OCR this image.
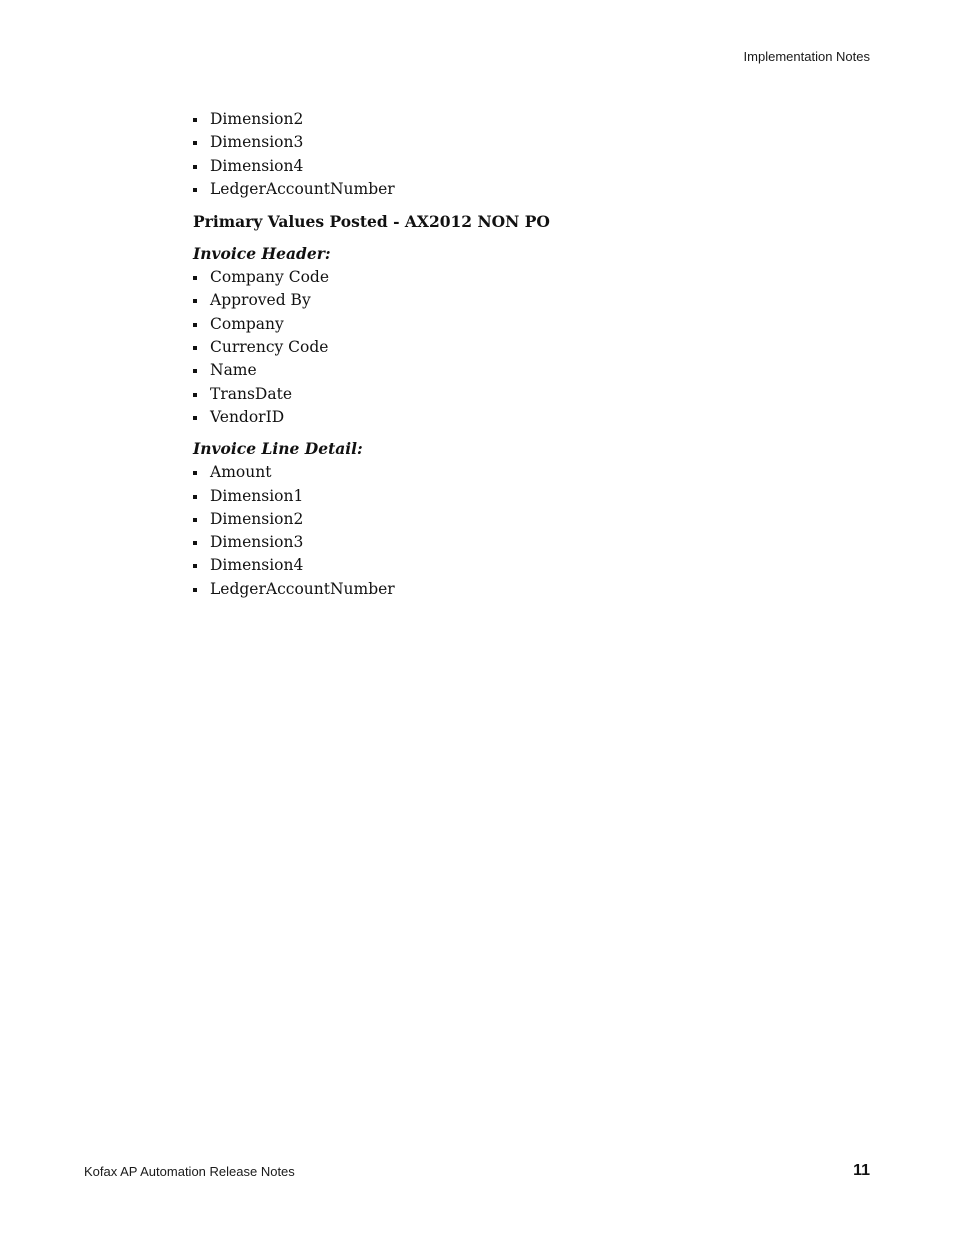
Implementation Notes
Dimension2
Dimension3
Dimension4
LedgerAccountNumber
Primary Values Posted - AX2012 NON PO
Invoice Header:
Company Code
Approved By
Company
Currency Code
Name
TransDate
VendorID
Invoice Line Detail:
Amount
Dimension1
Dimension2
Dimension3
Dimension4
LedgerAccountNumber
Kofax AP Automation Release Notes	11
